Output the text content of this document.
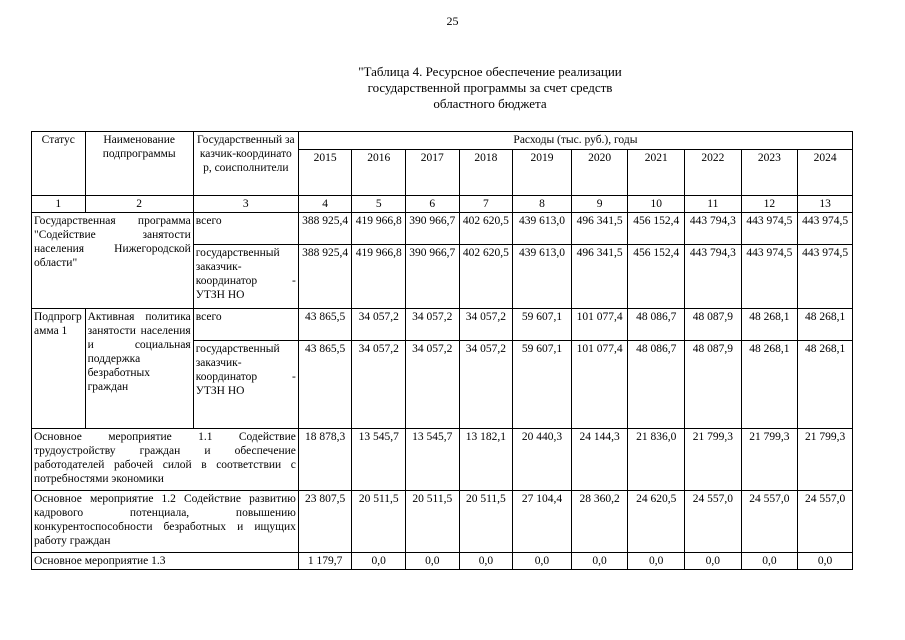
25
"Таблица 4. Ресурсное обеспечение реализации
государственной программы за счет средств
областного бюджета
Статус	Наименование подпрограммы	Государственный заказчик-координатор, соисполнители	Расходы (тыс. руб.), годы									
			2015	2016	2017	2018	2019	2020	2021	2022	2023	2024
1	2	3	4	5	6	7	8	9	10	11	12	13
Государственная программа "Содействие занятости населения Нижегородской области"		всего	388 925,4	419 966,8	390 966,7	402 620,5	439 613,0	496 341,5	456 152,4	443 794,3	443 974,5	443 974,5
		государственный заказчик-координатор - УТЗН НО	388 925,4	419 966,8	390 966,7	402 620,5	439 613,0	496 341,5	456 152,4	443 794,3	443 974,5	443 974,5
Подпрограмма 1	Активная политика занятости населения и социальная поддержка безработных граждан	всего	43 865,5	34 057,2	34 057,2	34 057,2	59 607,1	101 077,4	48 086,7	48 087,9	48 268,1	48 268,1
		государственный заказчик-координатор - УТЗН НО	43 865,5	34 057,2	34 057,2	34 057,2	59 607,1	101 077,4	48 086,7	48 087,9	48 268,1	48 268,1
Основное мероприятие 1.1 Содействие трудоустройству граждан и обеспечение работодателей рабочей силой в соответствии с потребностями экономики			18 878,3	13 545,7	13 545,7	13 182,1	20 440,3	24 144,3	21 836,0	21 799,3	21 799,3	21 799,3
Основное мероприятие 1.2 Содействие развитию кадрового потенциала, повышению конкурентоспособности безработных и ищущих работу граждан			23 807,5	20 511,5	20 511,5	20 511,5	27 104,4	28 360,2	24 620,5	24 557,0	24 557,0	24 557,0
Основное мероприятие 1.3			1 179,7	0,0	0,0	0,0	0,0	0,0	0,0	0,0	0,0	0,0
